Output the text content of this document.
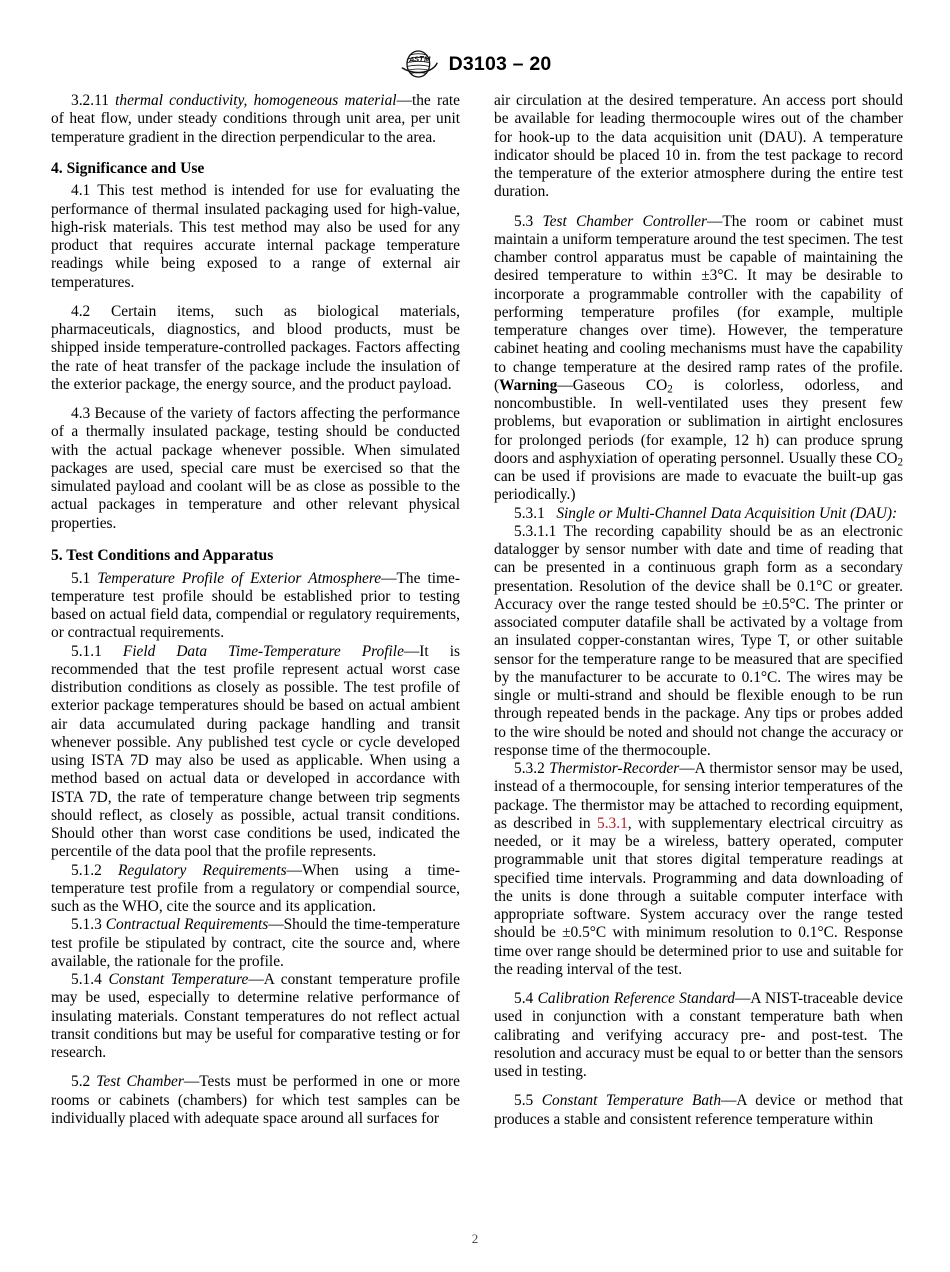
A S T M D3103 – 20

3.2.11 thermal conductivity, homogeneous material—the rate of heat flow, under steady conditions through unit area, per unit temperature gradient in the direction perpendicular to the area.

4. Significance and Use

4.1 This test method is intended for use for evaluating the performance of thermal insulated packaging used for high-value, high-risk materials. This test method may also be used for any product that requires accurate internal package temperature readings while being exposed to a range of external air temperatures.

4.2 Certain items, such as biological materials, pharmaceuticals, diagnostics, and blood products, must be shipped inside temperature-controlled packages. Factors affecting the rate of heat transfer of the package include the insulation of the exterior package, the energy source, and the product payload.

4.3 Because of the variety of factors affecting the performance of a thermally insulated package, testing should be conducted with the actual package whenever possible. When simulated packages are used, special care must be exercised so that the simulated payload and coolant will be as close as possible to the actual packages in temperature and other relevant physical properties.

5. Test Conditions and Apparatus

5.1 Temperature Profile of Exterior Atmosphere—The time-temperature test profile should be established prior to testing based on actual field data, compendial or regulatory requirements, or contractual requirements.

5.1.1 Field Data Time-Temperature Profile—It is recommended that the test profile represent actual worst case distribution conditions as closely as possible. The test profile of exterior package temperatures should be based on actual ambient air data accumulated during package handling and transit whenever possible. Any published test cycle or cycle developed using ISTA 7D may also be used as applicable. When using a method based on actual data or developed in accordance with ISTA 7D, the rate of temperature change between trip segments should reflect, as closely as possible, actual transit conditions. Should other than worst case conditions be used, indicated the percentile of the data pool that the profile represents.

5.1.2 Regulatory Requirements—When using a time-temperature test profile from a regulatory or compendial source, such as the WHO, cite the source and its application.

5.1.3 Contractual Requirements—Should the time-temperature test profile be stipulated by contract, cite the source and, where available, the rationale for the profile.

5.1.4 Constant Temperature—A constant temperature profile may be used, especially to determine relative performance of insulating materials. Constant temperatures do not reflect actual transit conditions but may be useful for comparative testing or for research.

5.2 Test Chamber—Tests must be performed in one or more rooms or cabinets (chambers) for which test samples can be individually placed with adequate space around all surfaces for

air circulation at the desired temperature. An access port should be available for leading thermocouple wires out of the chamber for hook-up to the data acquisition unit (DAU). A temperature indicator should be placed 10 in. from the test package to record the temperature of the exterior atmosphere during the entire test duration.

5.3 Test Chamber Controller—The room or cabinet must maintain a uniform temperature around the test specimen. The test chamber control apparatus must be capable of maintaining the desired temperature to within ±3°C. It may be desirable to incorporate a programmable controller with the capability of performing temperature profiles (for example, multiple temperature changes over time). However, the temperature cabinet heating and cooling mechanisms must have the capability to change temperature at the desired ramp rates of the profile. (Warning—Gaseous $CO_2$ is colorless, odorless, and noncombustible. In well-ventilated uses they present few problems, but evaporation or sublimation in airtight enclosures for prolonged periods (for example, 12 h) can produce sprung doors and asphyxiation of operating personnel. Usually these $CO_2$ can be used if provisions are made to evacuate the built-up gas periodically.)

5.3.1 Single or Multi-Channel Data Acquisition Unit (DAU):

5.3.1.1 The recording capability should be as an electronic datalogger by sensor number with date and time of reading that can be presented in a continuous graph form as a secondary presentation. Resolution of the device shall be 0.1°C or greater. Accuracy over the range tested should be ±0.5°C. The printer or associated computer datafile shall be activated by a voltage from an insulated copper-constantan wires, Type T, or other suitable sensor for the temperature range to be measured that are specified by the manufacturer to be accurate to 0.1°C. The wires may be single or multi-strand and should be flexible enough to be run through repeated bends in the package. Any tips or probes added to the wire should be noted and should not change the accuracy or response time of the thermocouple.

5.3.2 Thermistor-Recorder—A thermistor sensor may be used, instead of a thermocouple, for sensing interior temperatures of the package. The thermistor may be attached to recording equipment, as described in 5.3.1, with supplementary electrical circuitry as needed, or it may be a wireless, battery operated, computer programmable unit that stores digital temperature readings at specified time intervals. Programming and data downloading of the units is done through a suitable computer interface with appropriate software. System accuracy over the range tested should be ±0.5°C with minimum resolution to 0.1°C. Response time over range should be determined prior to use and suitable for the reading interval of the test.

5.4 Calibration Reference Standard—A NIST-traceable device used in conjunction with a constant temperature bath when calibrating and verifying accuracy pre- and post-test. The resolution and accuracy must be equal to or better than the sensors used in testing.

5.5 Constant Temperature Bath—A device or method that produces a stable and consistent reference temperature within

2
